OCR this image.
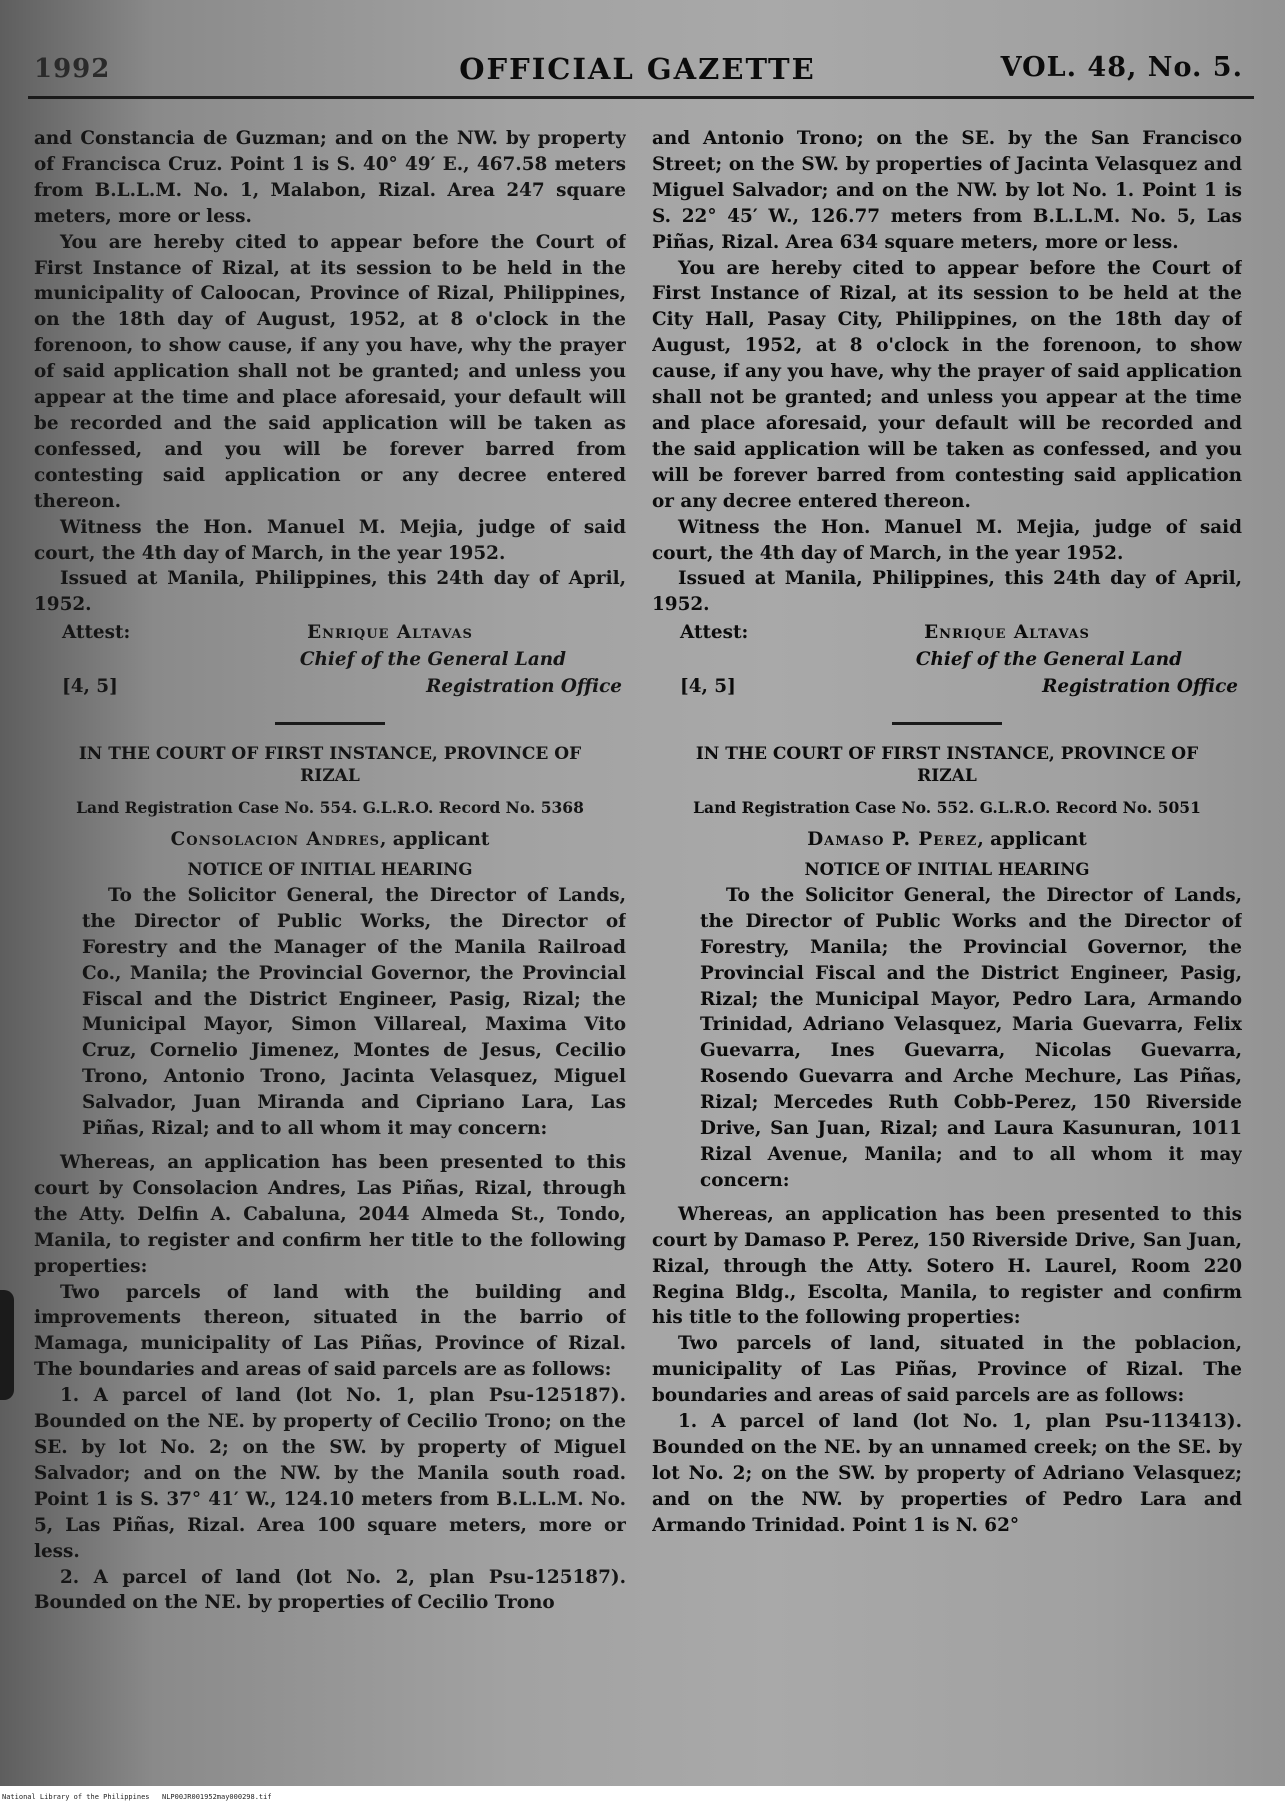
1992	OFFICIAL GAZETTE	VOL. 48, No. 5.

and Constancia de Guzman; and on the NW. by property of Francisca Cruz. Point 1 is S. 40° 49′ E., 467.58 meters from B.L.L.M. No. 1, Malabon, Rizal. Area 247 square meters, more or less.

You are hereby cited to appear before the Court of First Instance of Rizal, at its session to be held in the municipality of Caloocan, Province of Rizal, Philippines, on the 18th day of August, 1952, at 8 o'clock in the forenoon, to show cause, if any you have, why the prayer of said application shall not be granted; and unless you appear at the time and place aforesaid, your default will be recorded and the said application will be taken as confessed, and you will be forever barred from contesting said application or any decree entered thereon.

Witness the Hon. Manuel M. Mejia, judge of said court, the 4th day of March, in the year 1952.

Issued at Manila, Philippines, this 24th day of April, 1952.

Attest:	Enrique Altavas
Chief of the General Land
Registration Office
[4, 5]
IN THE COURT OF FIRST INSTANCE, PROVINCE OF RIZAL
Land Registration Case No. 554. G.L.R.O. Record No. 5368
Consolacion Andres, applicant
NOTICE OF INITIAL HEARING

To the Solicitor General, the Director of Lands, the Director of Public Works, the Director of Forestry and the Manager of the Manila Railroad Co., Manila; the Provincial Governor, the Provincial Fiscal and the District Engineer, Pasig, Rizal; the Municipal Mayor, Simon Villareal, Maxima Vito Cruz, Cornelio Jimenez, Montes de Jesus, Cecilio Trono, Antonio Trono, Jacinta Velasquez, Miguel Salvador, Juan Miranda and Cipriano Lara, Las Piñas, Rizal; and to all whom it may concern:

Whereas, an application has been presented to this court by Consolacion Andres, Las Piñas, Rizal, through the Atty. Delfin A. Cabaluna, 2044 Almeda St., Tondo, Manila, to register and confirm her title to the following properties:

Two parcels of land with the building and improvements thereon, situated in the barrio of Mamaga, municipality of Las Piñas, Province of Rizal. The boundaries and areas of said parcels are as follows:

1. A parcel of land (lot No. 1, plan Psu-125187). Bounded on the NE. by property of Cecilio Trono; on the SE. by lot No. 2; on the SW. by property of Miguel Salvador; and on the NW. by the Manila south road. Point 1 is S. 37° 41′ W., 124.10 meters from B.L.L.M. No. 5, Las Piñas, Rizal. Area 100 square meters, more or less.

2. A parcel of land (lot No. 2, plan Psu-125187). Bounded on the NE. by properties of Cecilio Trono

and Antonio Trono; on the SE. by the San Francisco Street; on the SW. by properties of Jacinta Velasquez and Miguel Salvador; and on the NW. by lot No. 1. Point 1 is S. 22° 45′ W., 126.77 meters from B.L.L.M. No. 5, Las Piñas, Rizal. Area 634 square meters, more or less.

You are hereby cited to appear before the Court of First Instance of Rizal, at its session to be held at the City Hall, Pasay City, Philippines, on the 18th day of August, 1952, at 8 o'clock in the forenoon, to show cause, if any you have, why the prayer of said application shall not be granted; and unless you appear at the time and place aforesaid, your default will be recorded and the said application will be taken as confessed, and you will be forever barred from contesting said application or any decree entered thereon.

Witness the Hon. Manuel M. Mejia, judge of said court, the 4th day of March, in the year 1952.

Issued at Manila, Philippines, this 24th day of April, 1952.

Attest:	Enrique Altavas
Chief of the General Land
Registration Office
[4, 5]
IN THE COURT OF FIRST INSTANCE, PROVINCE OF RIZAL
Land Registration Case No. 552. G.L.R.O. Record No. 5051
Damaso P. Perez, applicant
NOTICE OF INITIAL HEARING

To the Solicitor General, the Director of Lands, the Director of Public Works and the Director of Forestry, Manila; the Provincial Governor, the Provincial Fiscal and the District Engineer, Pasig, Rizal; the Municipal Mayor, Pedro Lara, Armando Trinidad, Adriano Velasquez, Maria Guevarra, Felix Guevarra, Ines Guevarra, Nicolas Guevarra, Rosendo Guevarra and Arche Mechure, Las Piñas, Rizal; Mercedes Ruth Cobb-Perez, 150 Riverside Drive, San Juan, Rizal; and Laura Kasunuran, 1011 Rizal Avenue, Manila; and to all whom it may concern:

Whereas, an application has been presented to this court by Damaso P. Perez, 150 Riverside Drive, San Juan, Rizal, through the Atty. Sotero H. Laurel, Room 220 Regina Bldg., Escolta, Manila, to register and confirm his title to the following properties:

Two parcels of land, situated in the poblacion, municipality of Las Piñas, Province of Rizal. The boundaries and areas of said parcels are as follows:

1. A parcel of land (lot No. 1, plan Psu-113413). Bounded on the NE. by an unnamed creek; on the SE. by lot No. 2; on the SW. by property of Adriano Velasquez; and on the NW. by properties of Pedro Lara and Armando Trinidad. Point 1 is N. 62°

National Library of the Philippines NLP00JR001952may000298.tif
